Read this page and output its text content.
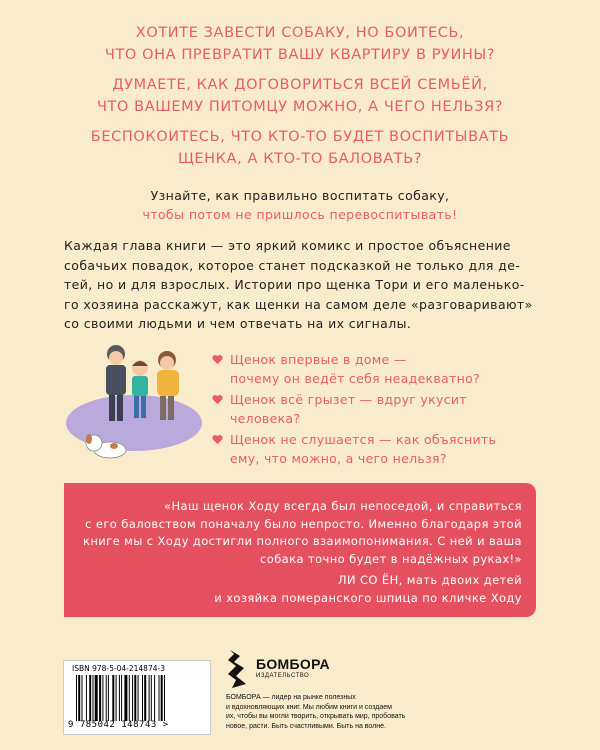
ХОТИТЕ ЗАВЕСТИ СОБАКУ, НО БОИТЕСЬ,
ЧТО ОНА ПРЕВРАТИТ ВАШУ КВАРТИРУ В РУИНЫ?
ДУМАЕТЕ, КАК ДОГОВОРИТЬСЯ ВСЕЙ СЕМЬЁЙ,
ЧТО ВАШЕМУ ПИТОМЦУ МОЖНО, А ЧЕГО НЕЛЬЗЯ?
БЕСПОКОИТЕСЬ, ЧТО КТО-ТО БУДЕТ ВОСПИТЫВАТЬ
ЩЕНКА, А КТО-ТО БАЛОВАТЬ?
Узнайте, как правильно воспитать собаку,
чтобы потом не пришлось перевоспитывать!
Каждая глава книги — это яркий комикс и простое объяснение
собачьих повадок, которое станет подсказкой не только для де-
тей, но и для взрослых. Истории про щенка Тори и его маленько-
го хозяина расскажут, как щенки на самом деле «разговаривают»
со своими людьми и чем отвечать на их сигналы.
Щенок впервые в доме —
почему он ведёт себя неадекватно?
Щенок всё грызет — вдруг укусит
человека?
Щенок не слушается — как объяснить
ему, что можно, а чего нельзя?
«Наш щенок Ходу всегда был непоседой, и справиться
с его баловством поначалу было непросто. Именно благодаря этой
книге мы с Ходу достигли полного взаимопонимания. С ней и ваша
собака точно будет в надёжных руках!»
ЛИ СО ЁН, мать двоих детей
и хозяйка померанского шпица по кличке Ходу
ISBN 978-5-04-214874-3
9 785042 148743 >
БОМБОРА
ИЗДАТЕЛЬСТВО
БОМБОРА — лидер на рынке полезных
и вдохновляющих книг. Мы любим книги и создаем
их, чтобы вы могли творить, открывать мир, пробовать
новое, расти. Быть счастливыми. Быть на волне.
